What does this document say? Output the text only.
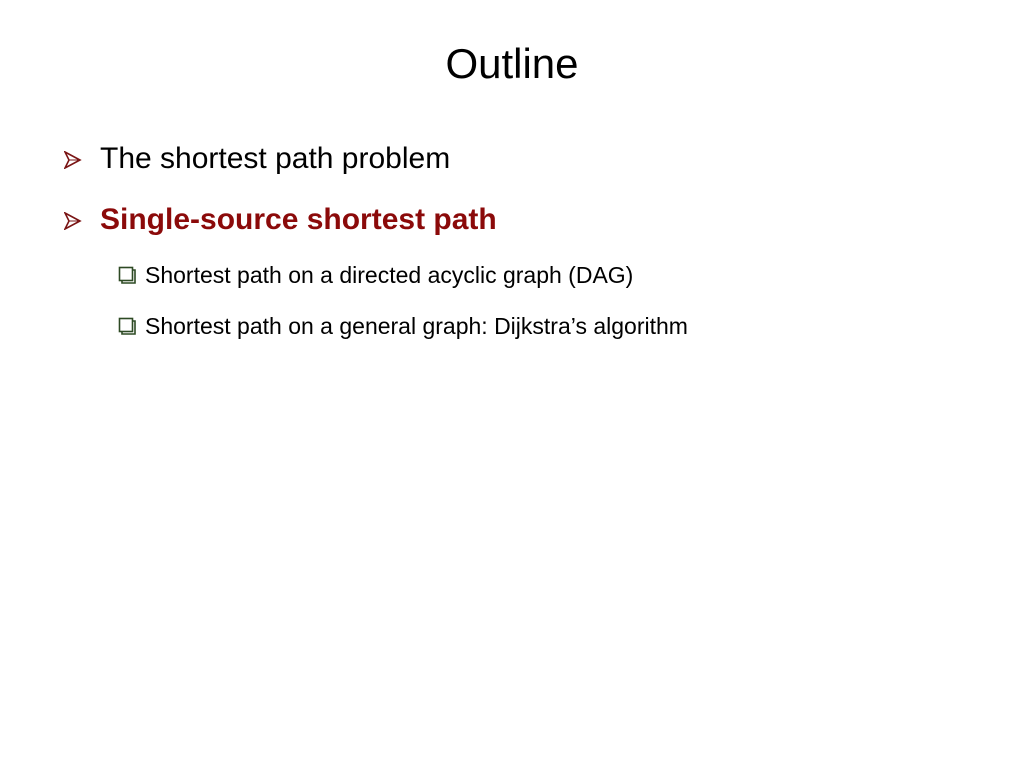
Outline
The shortest path problem
Single-source shortest path
Shortest path on a directed acyclic graph (DAG)
Shortest path on a general graph: Dijkstra’s algorithm
